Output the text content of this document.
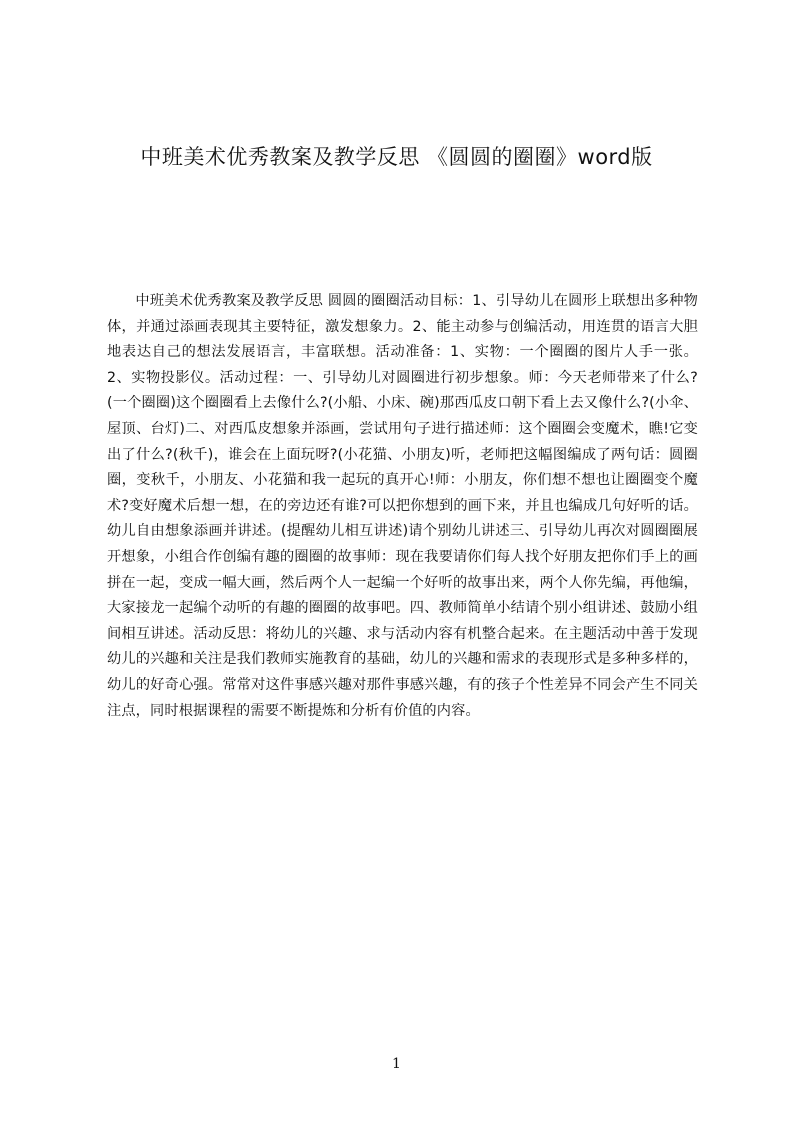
中班美术优秀教案及教学反思 《圆圆的圈圈》word版
中班美术优秀教案及教学反思 圆圆的圈圈活动目标：1、引导幼儿在圆形上联想出多种物体，并通过添画表现其主要特征，激发想象力。2、能主动参与创编活动，用连贯的语言大胆地表达自己的想法发展语言，丰富联想。活动准备：1、实物：一个圈圈的图片人手一张。2、实物投影仪。活动过程：一、引导幼儿对圆圈进行初步想象。师：今天老师带来了什么?(一个圈圈)这个圈圈看上去像什么?(小船、小床、碗)那西瓜皮口朝下看上去又像什么?(小伞、屋顶、台灯)二、对西瓜皮想象并添画，尝试用句子进行描述师：这个圈圈会变魔术，瞧!它变出了什么?(秋千)，谁会在上面玩呀?(小花猫、小朋友)听，老师把这幅图编成了两句话：圆圈圈，变秋千，小朋友、小花猫和我一起玩的真开心!师：小朋友，你们想不想也让圈圈变个魔术?变好魔术后想一想，在的旁边还有谁?可以把你想到的画下来，并且也编成几句好听的话。幼儿自由想象添画并讲述。(提醒幼儿相互讲述)请个别幼儿讲述三、引导幼儿再次对圆圈圈展开想象，小组合作创编有趣的圈圈的故事师：现在我要请你们每人找个好朋友把你们手上的画拼在一起，变成一幅大画，然后两个人一起编一个好听的故事出来，两个人你先编，再他编，大家接龙一起编个动听的有趣的圈圈的故事吧。四、教师简单小结请个别小组讲述、鼓励小组间相互讲述。活动反思：将幼儿的兴趣、求与活动内容有机整合起来。在主题活动中善于发现幼儿的兴趣和关注是我们教师实施教育的基础，幼儿的兴趣和需求的表现形式是多种多样的，幼儿的好奇心强。常常对这件事感兴趣对那件事感兴趣，有的孩子个性差异不同会产生不同关注点，同时根据课程的需要不断提炼和分析有价值的内容。
1
